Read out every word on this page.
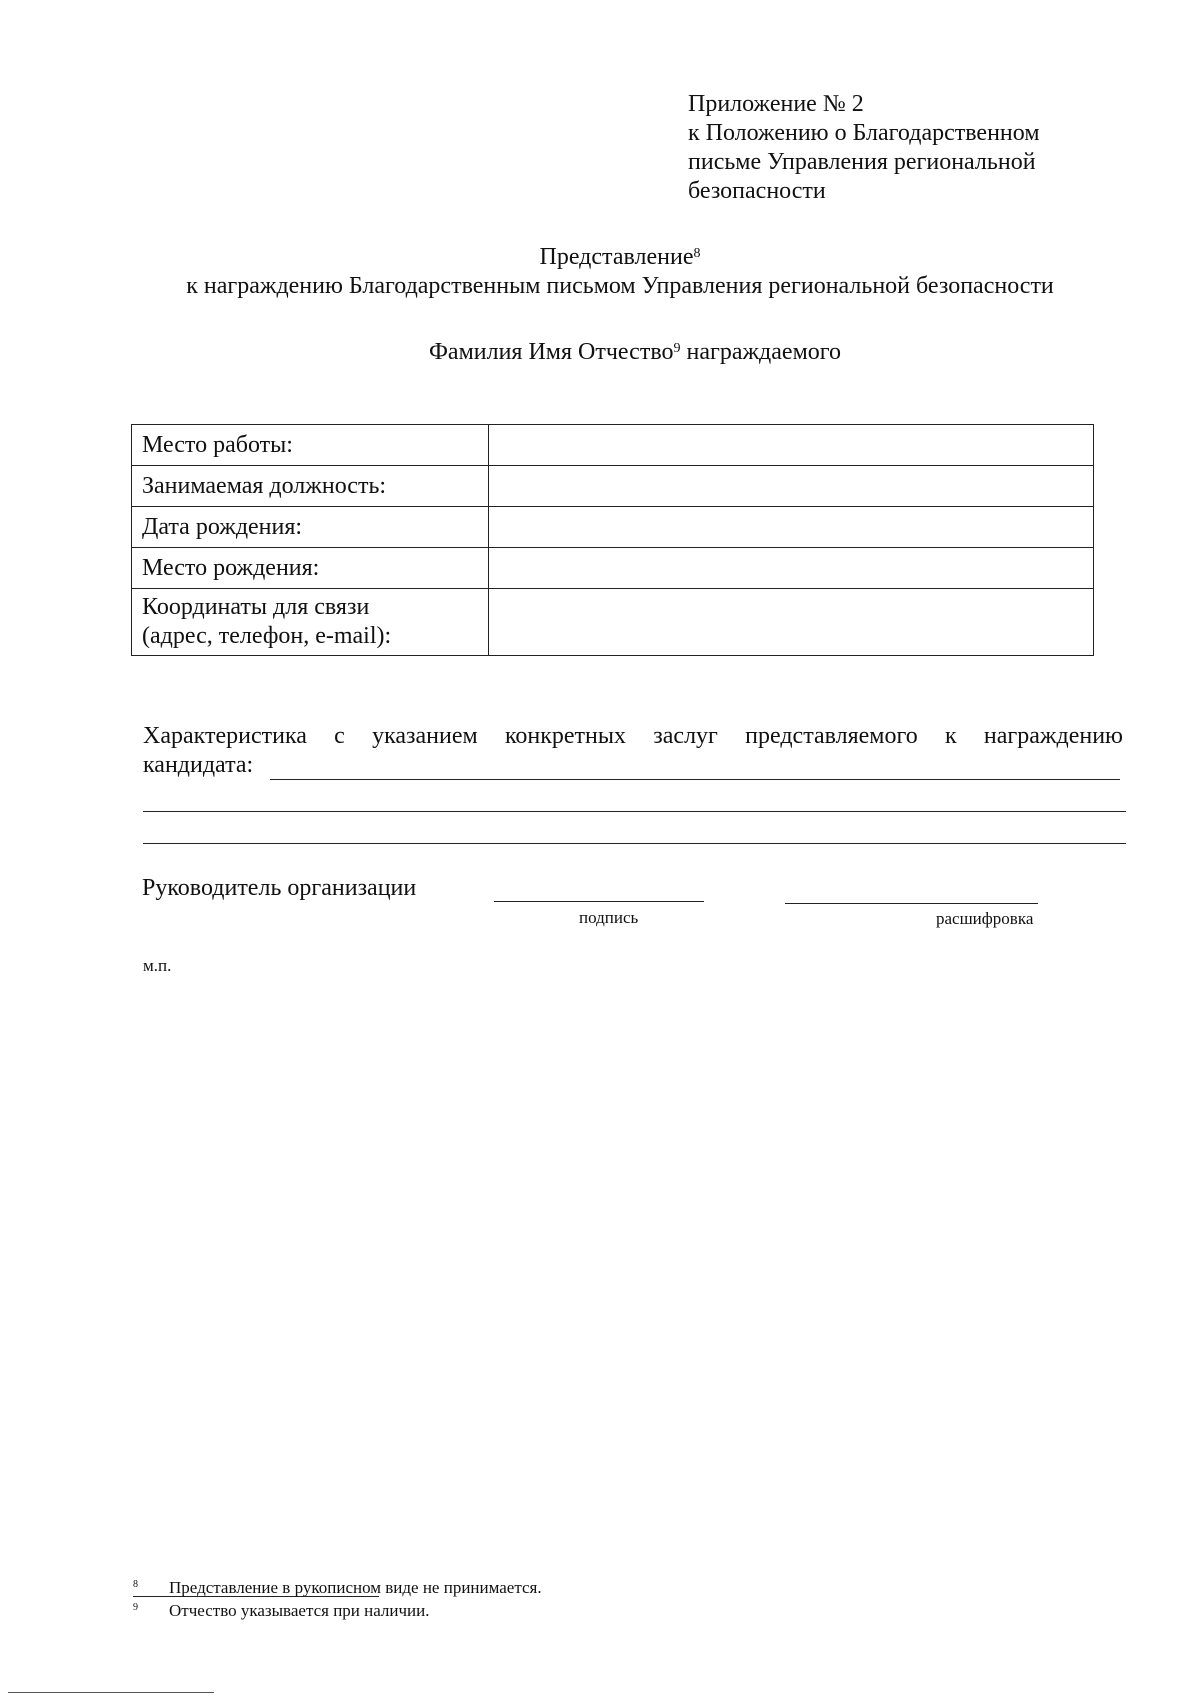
Приложение № 2
к Положению о Благодарственном
письме Управления региональной
безопасности
Представление$^8$
к награждению Благодарственным письмом Управления региональной безопасности
Фамилия Имя Отчество$^9$ награждаемого
Место работы:	
Занимаемая должность:	
Дата рождения:	
Место рождения:	

Координаты для связи
(адрес, телефон, e-mail):	

Характеристика с указанием конкретных заслуг представляемого к награждению
кандидата:
Руководитель организации
подпись	расшифровка
м.п.
8 Представление в рукописном виде не принимается.
9 Отчество указывается при наличии.
